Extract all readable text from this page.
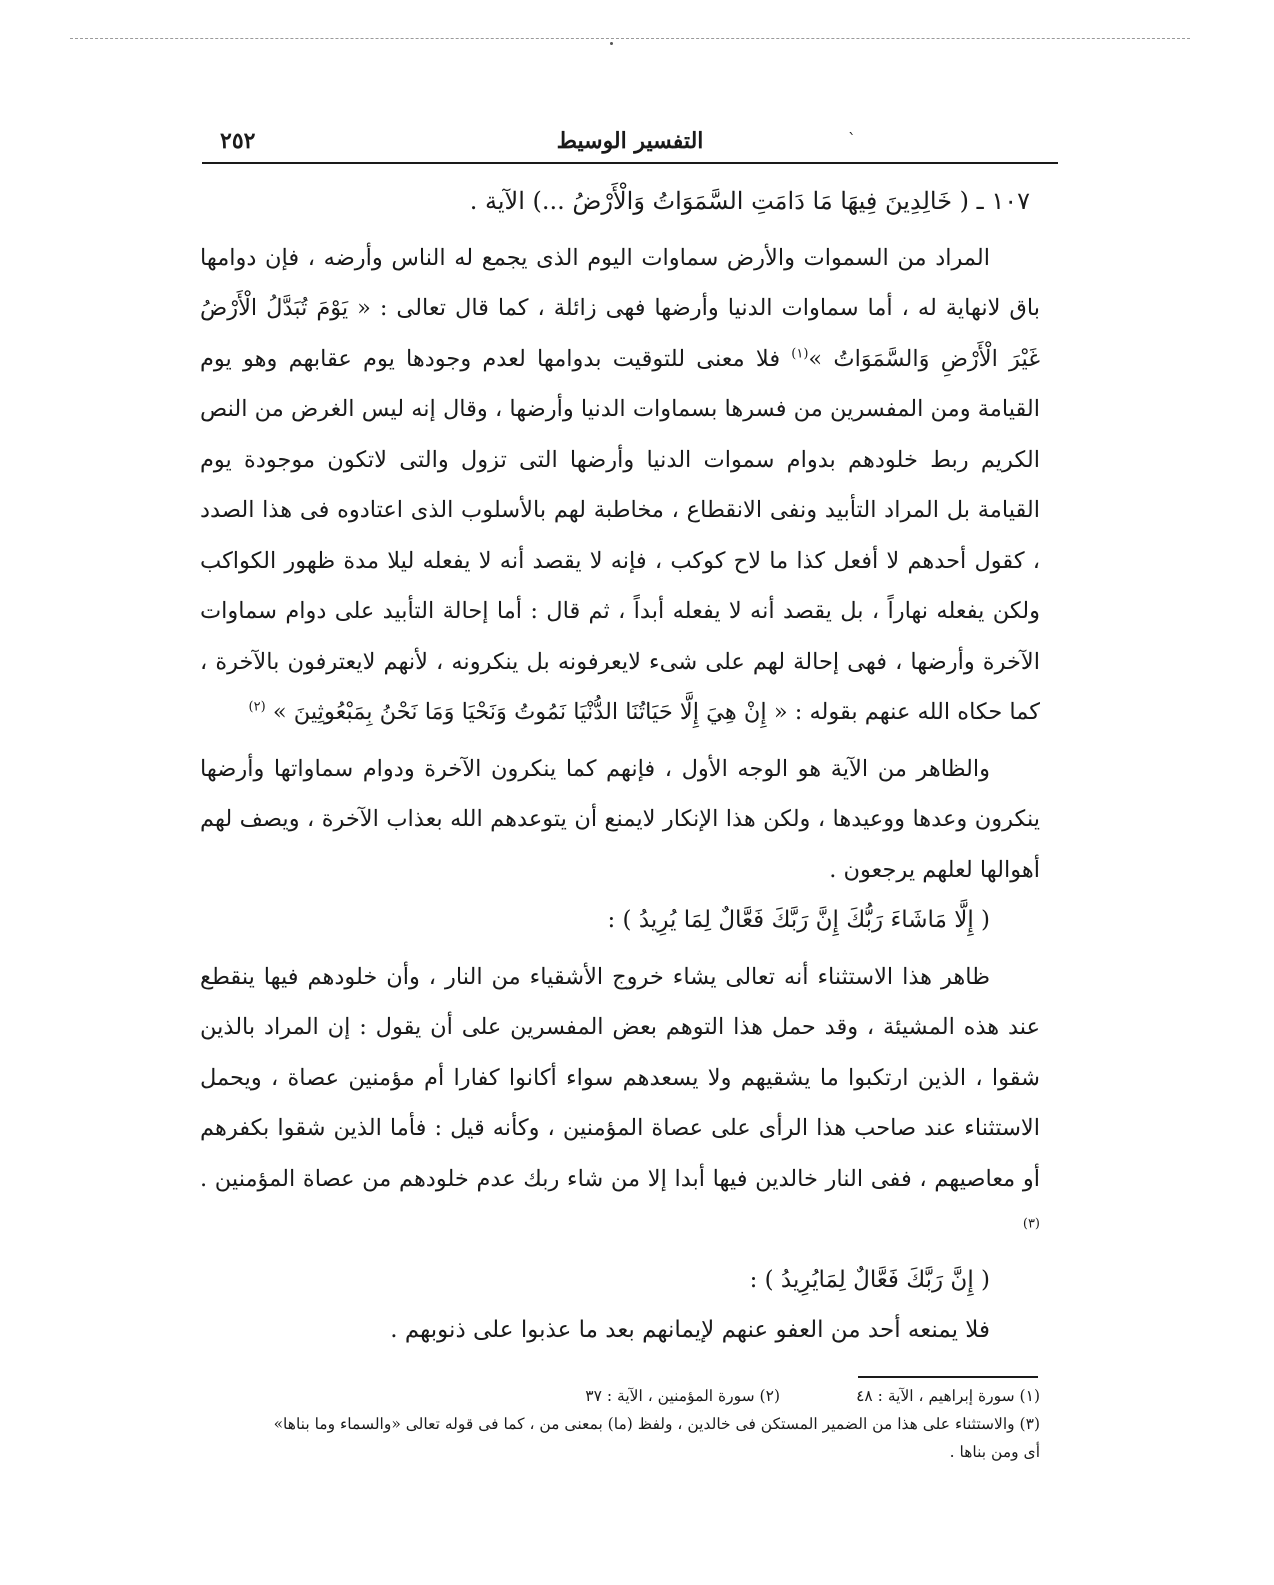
٢٥٢	`
التفسير الوسيط

١٠٧ ـ ( خَالِدِينَ فِيهَا مَا دَامَتِ السَّمَوَاتُ وَالْأَرْضُ ...) الآية .

المراد من السموات والأرض سماوات اليوم الذى يجمع له الناس وأرضه ، فإن دوامها باق لانهاية له ، أما سماوات الدنيا وأرضها فهى زائلة ، كما قال تعالى : « يَوْمَ تُبَدَّلُ الْأَرْضُ غَيْرَ الْأَرْضِ وَالسَّمَوَاتُ »$^{(١)}$ فلا معنى للتوقيت بدوامها لعدم وجودها يوم عقابهم وهو يوم القيامة ومن المفسرين من فسرها بسماوات الدنيا وأرضها ، وقال إنه ليس الغرض من النص الكريم ربط خلودهم بدوام سموات الدنيا وأرضها التى تزول والتى لاتكون موجودة يوم القيامة بل المراد التأبيد ونفى الانقطاع ، مخاطبة لهم بالأسلوب الذى اعتادوه فى هذا الصدد ، كقول أحدهم لا أفعل كذا ما لاح كوكب ، فإنه لا يقصد أنه لا يفعله ليلا مدة ظهور الكواكب ولكن يفعله نهاراً ، بل يقصد أنه لا يفعله أبداً ، ثم قال : أما إحالة التأبيد على دوام سماوات الآخرة وأرضها ، فهى إحالة لهم على شىء لايعرفونه بل ينكرونه ، لأنهم لايعترفون بالآخرة ، كما حكاه الله عنهم بقوله : « إِنْ هِيَ إِلَّا حَيَاتُنَا الدُّنْيَا نَمُوتُ وَنَحْيَا وَمَا نَحْنُ بِمَبْعُوثِينَ » $^{(٢)}$

والظاهر من الآية هو الوجه الأول ، فإنهم كما ينكرون الآخرة ودوام سماواتها وأرضها ينكرون وعدها ووعيدها ، ولكن هذا الإنكار لايمنع أن يتوعدهم الله بعذاب الآخرة ، ويصف لهم أهوالها لعلهم يرجعون .

( إِلَّا مَاشَاءَ رَبُّكَ إِنَّ رَبَّكَ فَعَّالٌ لِمَا يُرِيدُ ) :

ظاهر هذا الاستثناء أنه تعالى يشاء خروج الأشقياء من النار ، وأن خلودهم فيها ينقطع عند هذه المشيئة ، وقد حمل هذا التوهم بعض المفسرين على أن يقول : إن المراد بالذين شقوا ، الذين ارتكبوا ما يشقيهم ولا يسعدهم سواء أكانوا كفارا أم مؤمنين عصاة ، ويحمل الاستثناء عند صاحب هذا الرأى على عصاة المؤمنين ، وكأنه قيل : فأما الذين شقوا بكفرهم أو معاصيهم ، ففى النار خالدين فيها أبدا إلا من شاء ربك عدم خلودهم من عصاة المؤمنين .$^{(٣)}$

( إِنَّ رَبَّكَ فَعَّالٌ لِمَايُرِيدُ ) :

فلا يمنعه أحد من العفو عنهم لإيمانهم بعد ما عذبوا على ذنوبهم .

(١) سورة إبراهيم ، الآية : ٤٨
(٢) سورة المؤمنين ، الآية : ٣٧
(٣) والاستثناء على هذا من الضمير المستكن فى خالدين ، ولفظ (ما) بمعنى من ، كما فى قوله تعالى «والسماء وما بناها»
أى ومن بناها .
